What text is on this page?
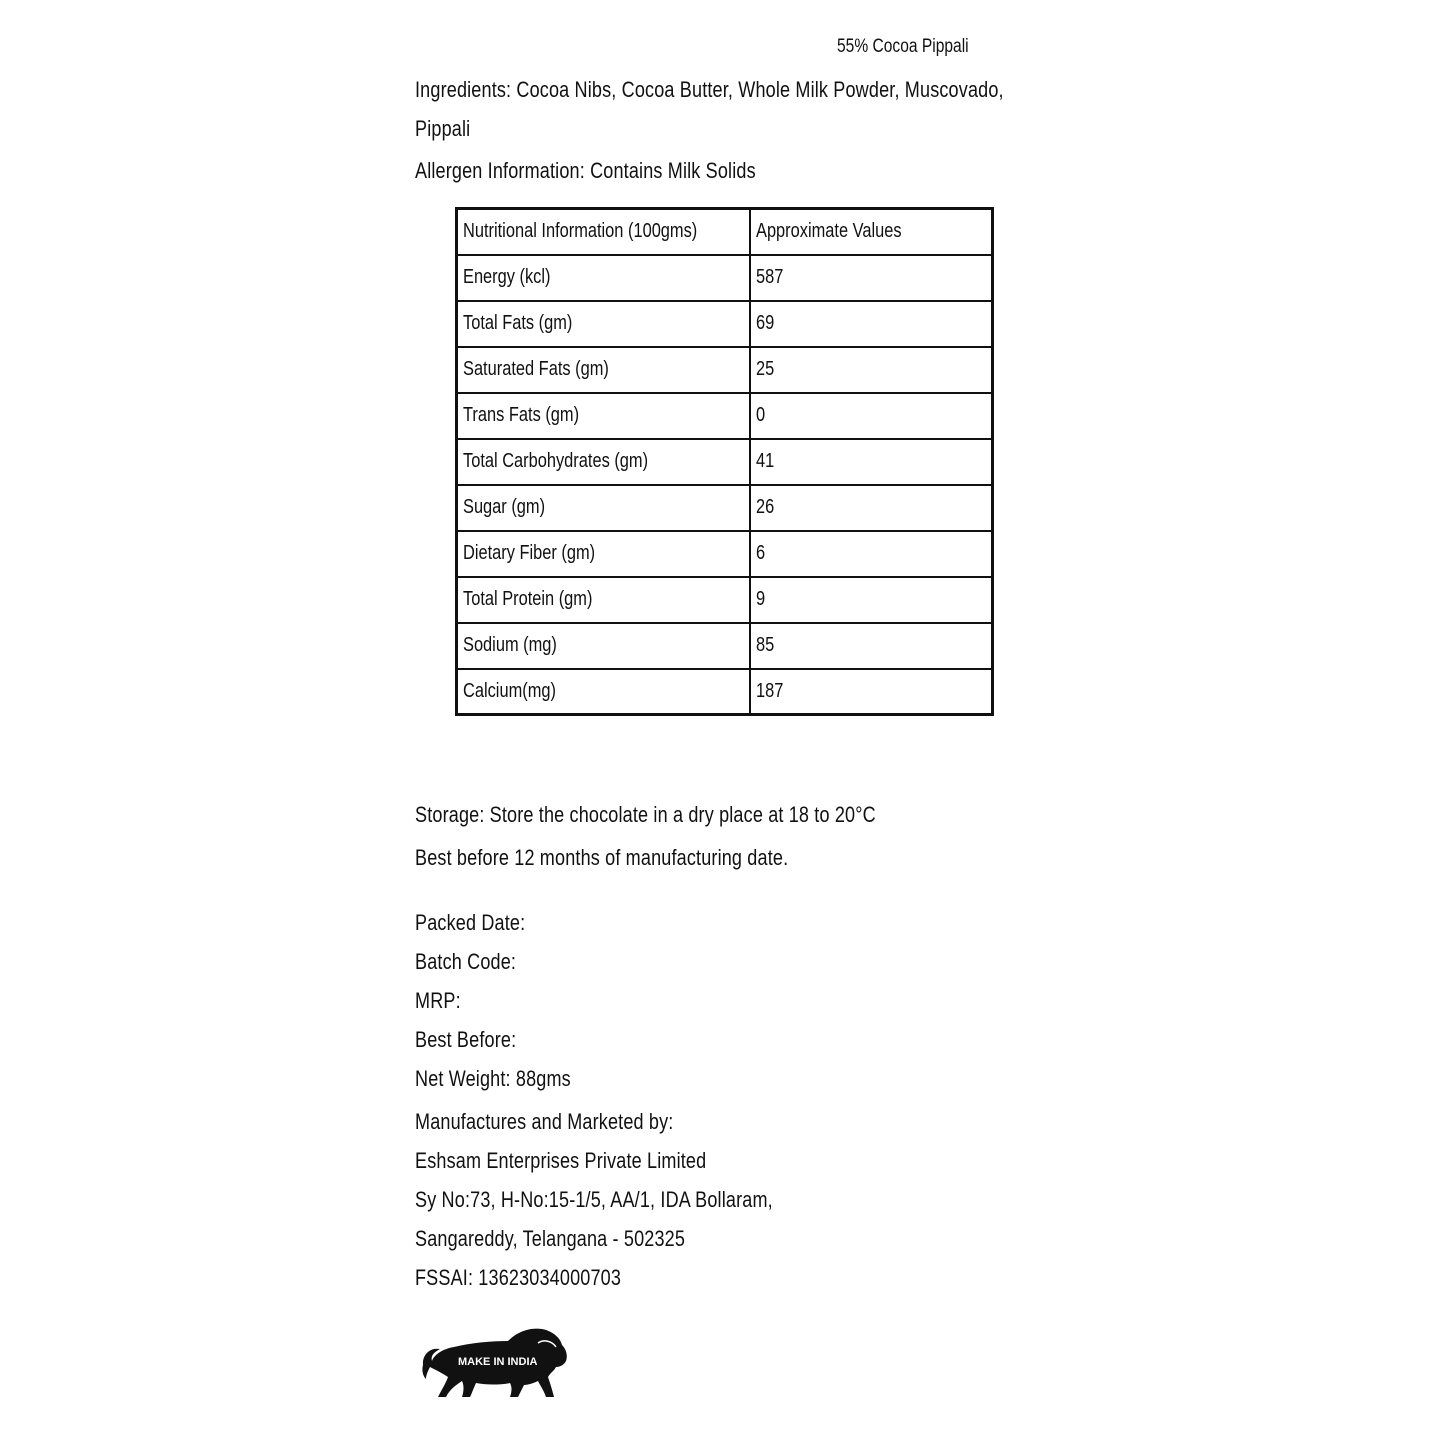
55% Cocoa Pippali
Ingredients: Cocoa Nibs, Cocoa Butter, Whole Milk Powder, Muscovado,
Pippali
Allergen Information: Contains Milk Solids
Nutritional Information (100gms)	Approximate Values
Energy (kcl)	587
Total Fats (gm)	69
Saturated Fats (gm)	25
Trans Fats (gm)	0
Total Carbohydrates (gm)	41
Sugar (gm)	26
Dietary Fiber (gm)	6
Total Protein (gm)	9
Sodium (mg)	85
Calcium(mg)	187
Storage: Store the chocolate in a dry place at 18 to 20°C
Best before 12 months of manufacturing date.
Packed Date:
Batch Code:
MRP:
Best Before:
Net Weight: 88gms
Manufactures and Marketed by:
Eshsam Enterprises Private Limited
Sy No:73, H-No:15-1/5, AA/1, IDA Bollaram,
Sangareddy, Telangana - 502325
FSSAI: 13623034000703
MAKE IN INDIA
